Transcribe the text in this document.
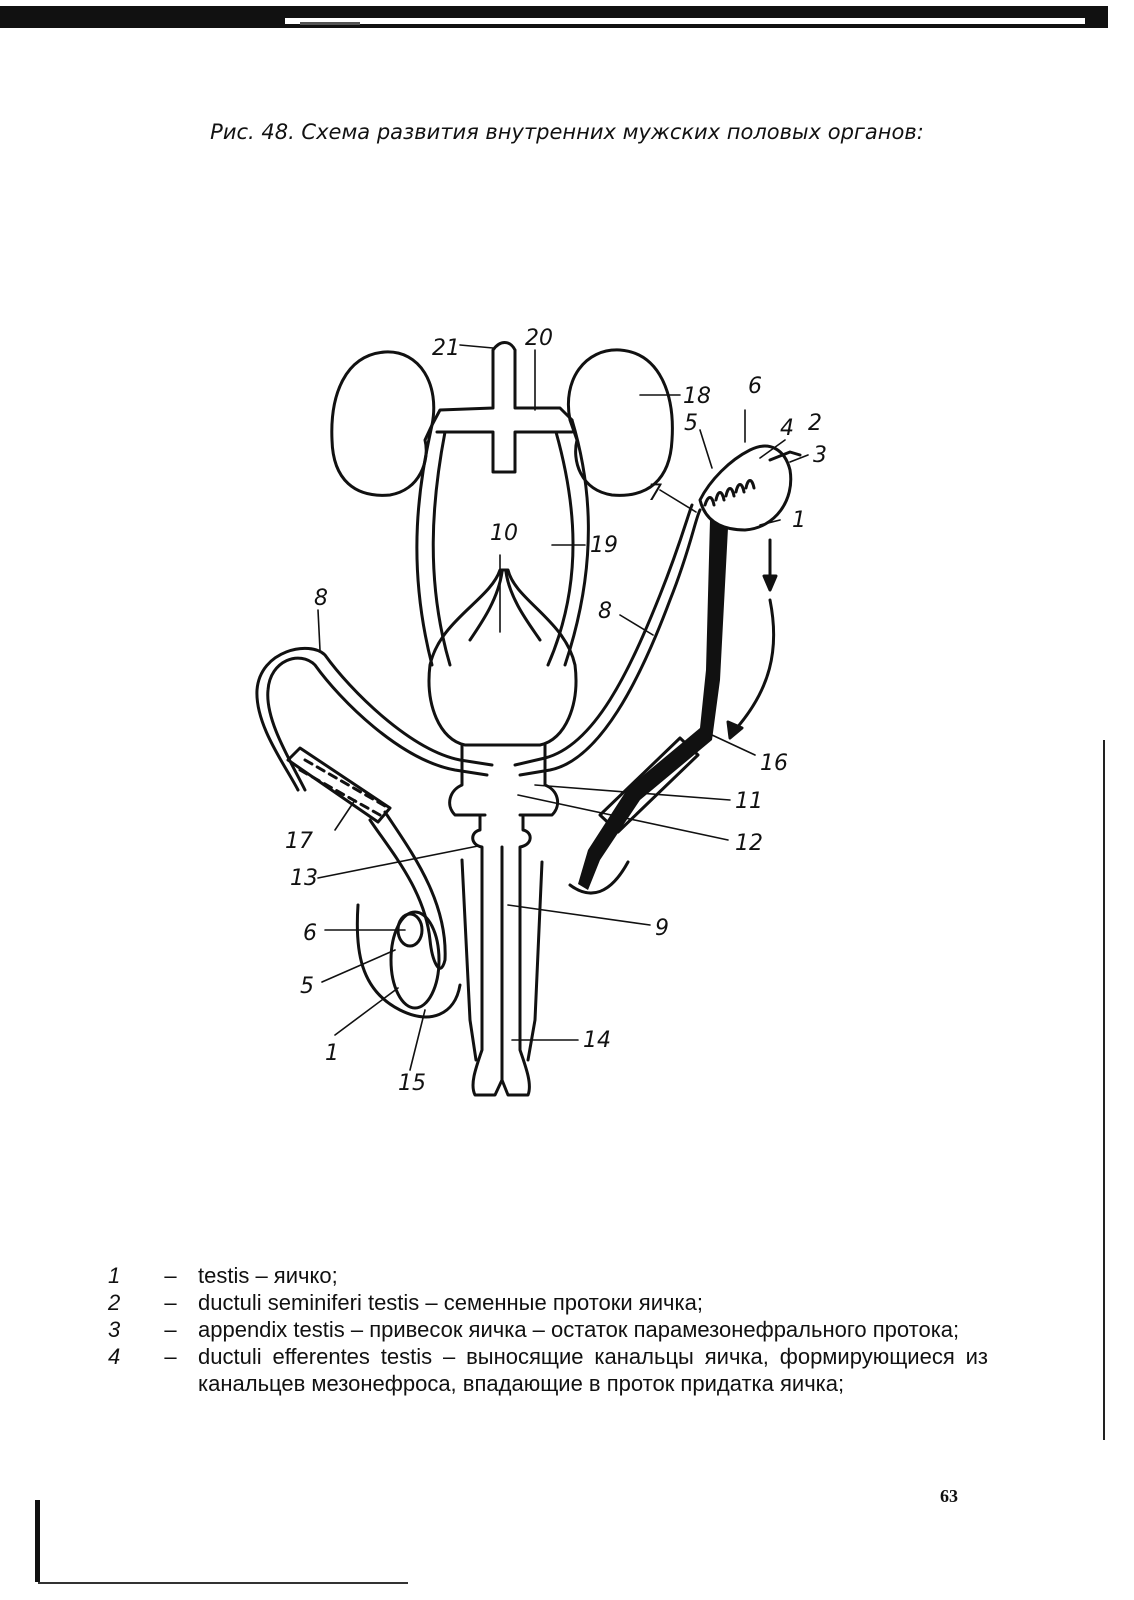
Рис. 48. Схема развития внутренних мужских половых органов:
21	20
18 6
5	4 2
3
7
1
10	19
8
8
16
11
12
17
13
9
6
5
14
1
15
1	– testis – яичко;
2	– ductuli seminiferi testis – семенные протоки яичка;
3	– appendix testis – привесок яичка – остаток парамезонефрального протока;
4	– ductuli efferentes testis – выносящие канальцы яичка, формирующиеся из канальцев мезонефроса, впадающие в проток придатка яичка;
63
